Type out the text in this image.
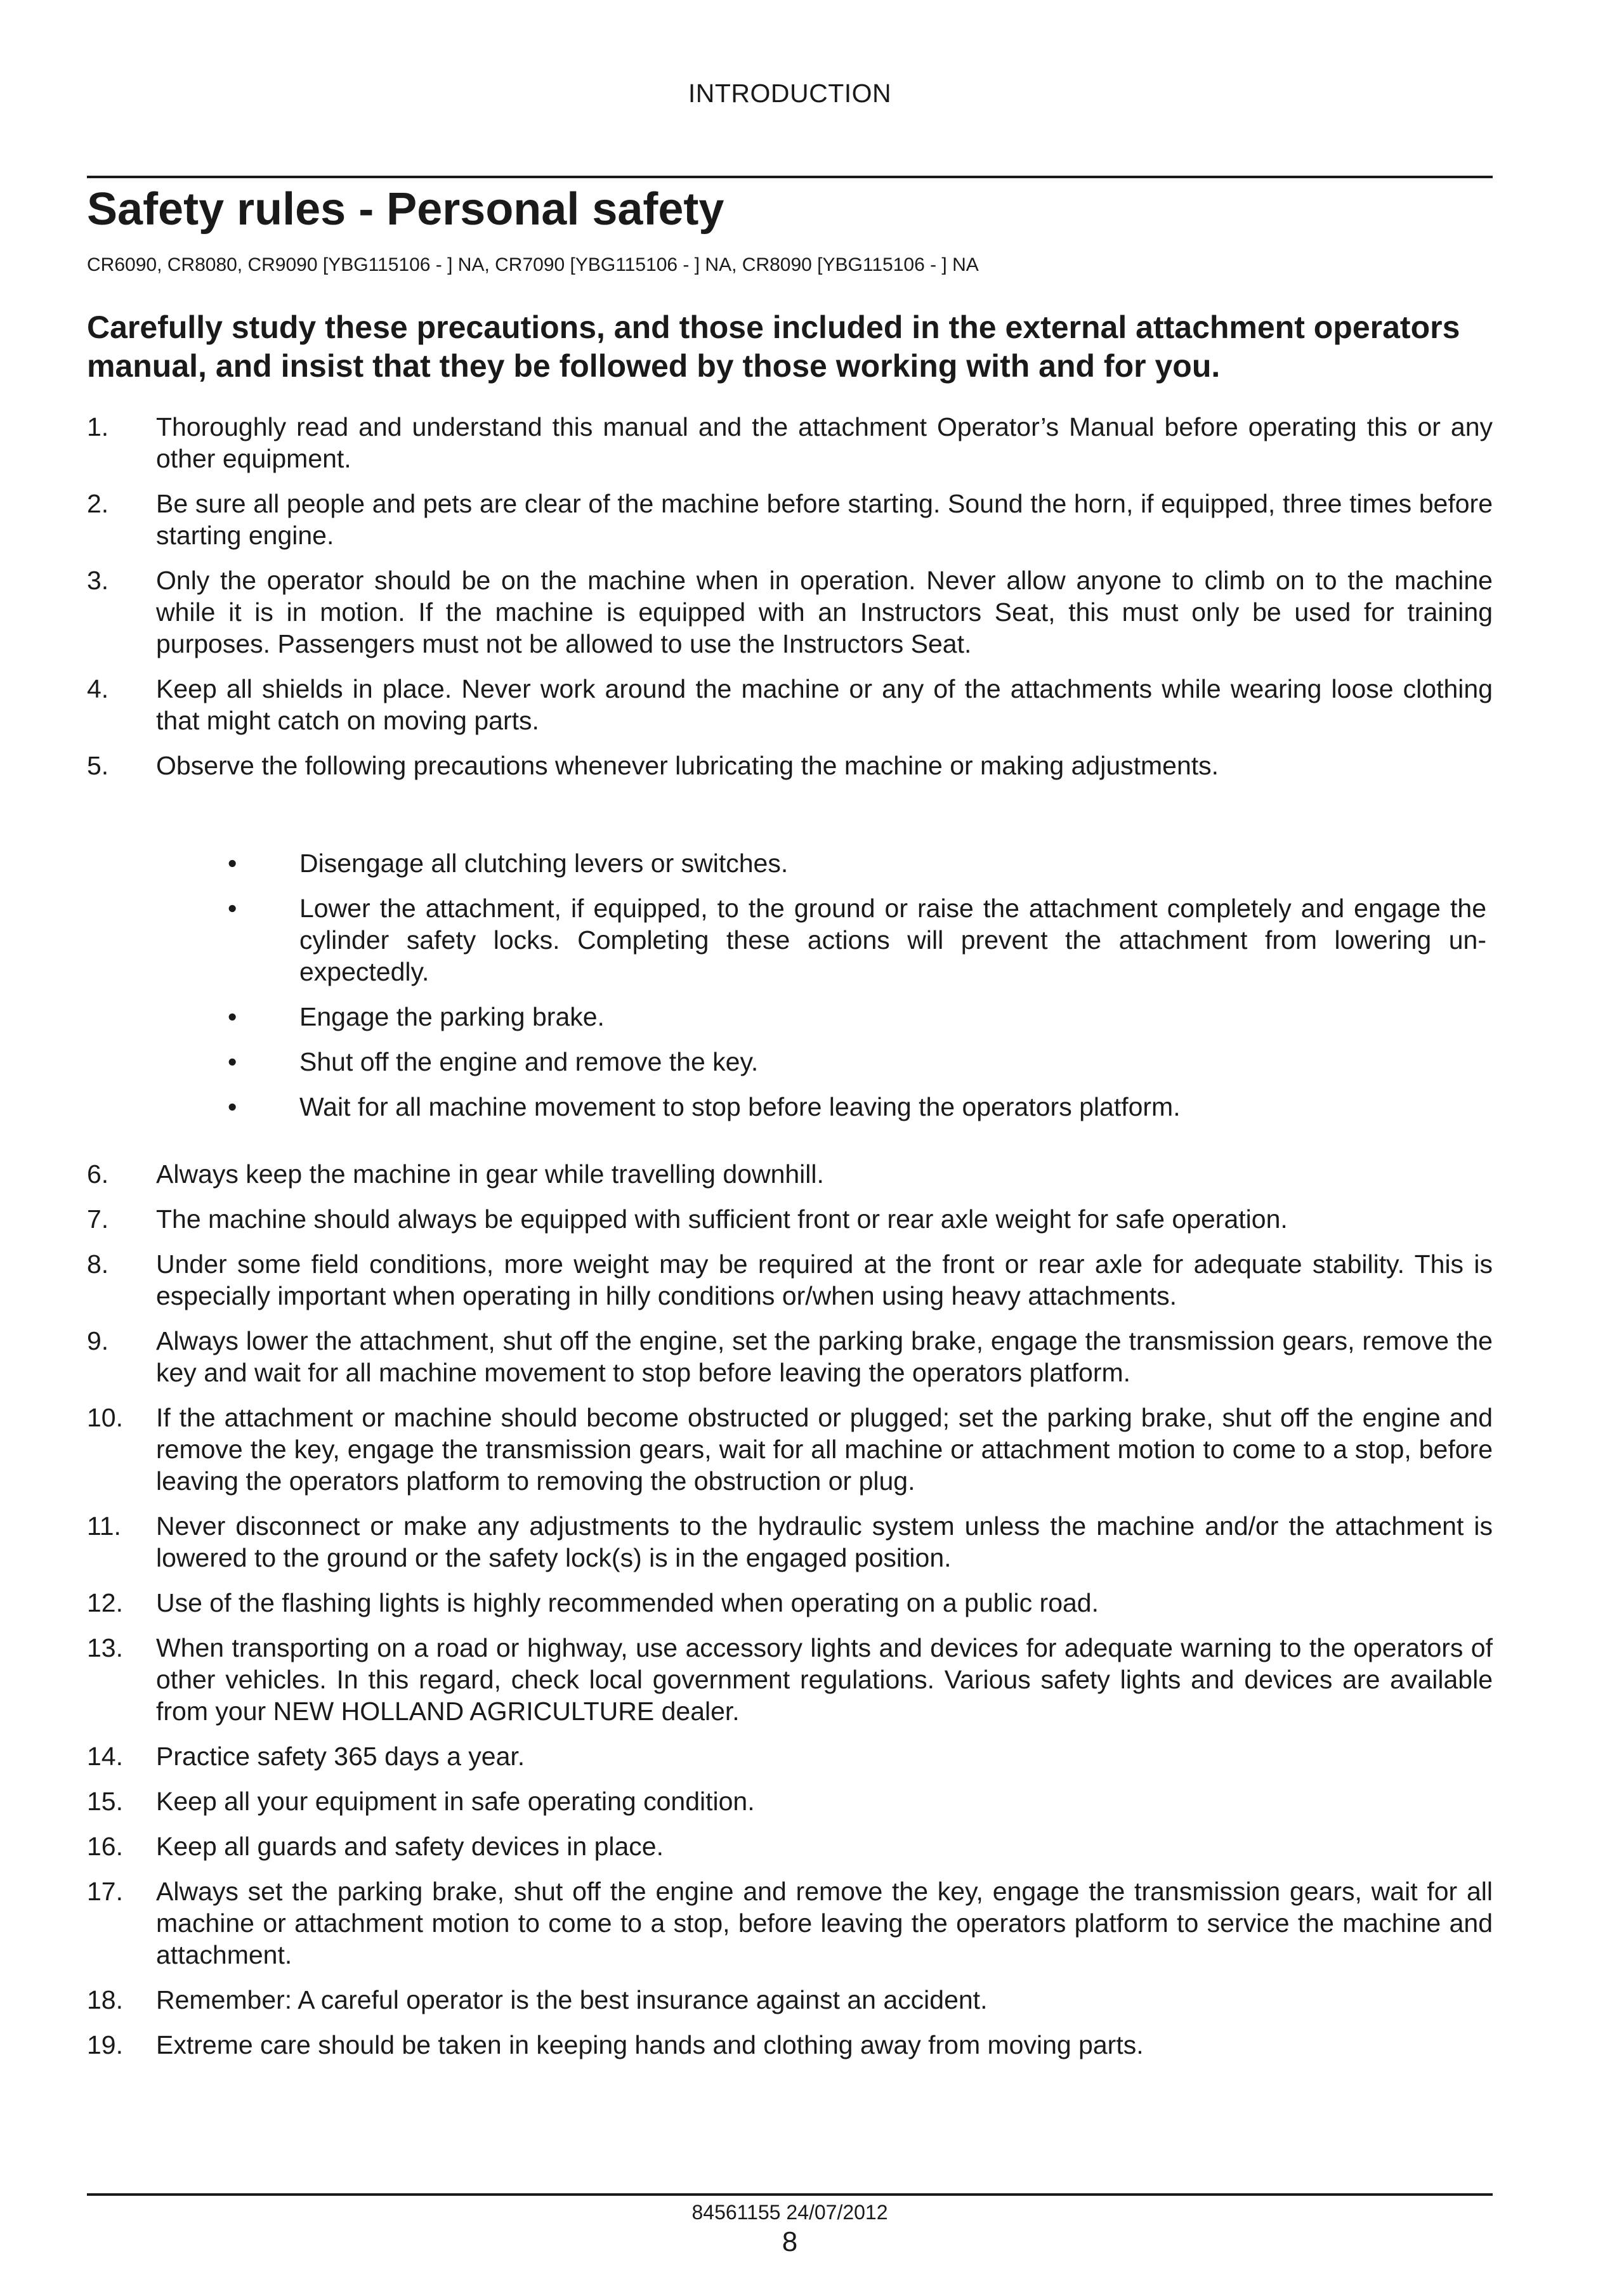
INTRODUCTION
Safety rules - Personal safety
CR6090, CR8080, CR9090 [YBG115106 - ] NA, CR7090 [YBG115106 - ] NA, CR8090 [YBG115106 - ] NA

Carefully study these precautions, and those included in the external attachment operators manual, and insist that they be followed by those working with and for you.

1. Thoroughly read and understand this manual and the attachment Operator’s Manual before operating this or any other equipment.
2. Be sure all people and pets are clear of the machine before starting. Sound the horn, if equipped, three times before starting engine.
3. Only the operator should be on the machine when in operation. Never allow anyone to climb on to the machine while it is in motion. If the machine is equipped with an Instructors Seat, this must only be used for training purposes. Passengers must not be allowed to use the Instructors Seat.
4. Keep all shields in place. Never work around the machine or any of the attachments while wearing loose clothing that might catch on moving parts.
5. Observe the following precautions whenever lubricating the machine or making adjustments.
• Disengage all clutching levers or switches.
• Lower the attachment, if equipped, to the ground or raise the attachment completely and engage the cylinder safety locks. Completing these actions will prevent the attachment from lowering un-expectedly.
• Engage the parking brake.
• Shut off the engine and remove the key.
• Wait for all machine movement to stop before leaving the operators platform.
6. Always keep the machine in gear while travelling downhill.
7. The machine should always be equipped with sufficient front or rear axle weight for safe operation.
8. Under some field conditions, more weight may be required at the front or rear axle for adequate stability. This is especially important when operating in hilly conditions or/when using heavy attachments.
9. Always lower the attachment, shut off the engine, set the parking brake, engage the transmission gears, remove the key and wait for all machine movement to stop before leaving the operators platform.
10. If the attachment or machine should become obstructed or plugged; set the parking brake, shut off the engine and remove the key, engage the transmission gears, wait for all machine or attachment motion to come to a stop, before leaving the operators platform to removing the obstruction or plug.
11. Never disconnect or make any adjustments to the hydraulic system unless the machine and/or the attachment is lowered to the ground or the safety lock(s) is in the engaged position.
12. Use of the flashing lights is highly recommended when operating on a public road.
13. When transporting on a road or highway, use accessory lights and devices for adequate warning to the operators of other vehicles. In this regard, check local government regulations. Various safety lights and devices are available from your NEW HOLLAND AGRICULTURE dealer.
14. Practice safety 365 days a year.
15. Keep all your equipment in safe operating condition.
16. Keep all guards and safety devices in place.
17. Always set the parking brake, shut off the engine and remove the key, engage the transmission gears, wait for all machine or attachment motion to come to a stop, before leaving the operators platform to service the machine and attachment.
18. Remember: A careful operator is the best insurance against an accident.
19. Extreme care should be taken in keeping hands and clothing away from moving parts.
84561155 24/07/2012
8
